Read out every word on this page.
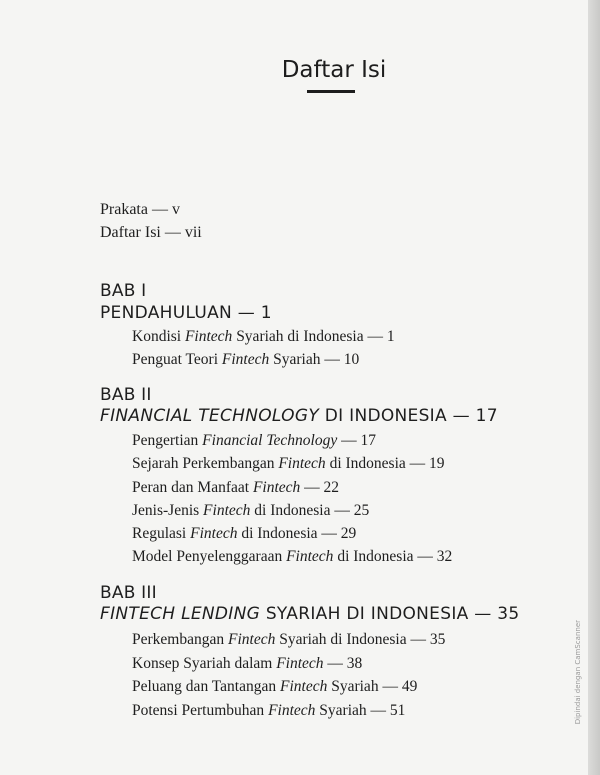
Daftar Isi
Prakata — v
Daftar Isi — vii
BAB I
PENDAHULUAN — 1
Kondisi Fintech Syariah di Indonesia — 1
Penguat Teori Fintech Syariah — 10
BAB II
FINANCIAL TECHNOLOGY DI INDONESIA — 17
Pengertian Financial Technology — 17
Sejarah Perkembangan Fintech di Indonesia — 19
Peran dan Manfaat Fintech — 22
Jenis-Jenis Fintech di Indonesia — 25
Regulasi Fintech di Indonesia — 29
Model Penyelenggaraan Fintech di Indonesia — 32
BAB III
FINTECH LENDING SYARIAH DI INDONESIA — 35
Perkembangan Fintech Syariah di Indonesia — 35
Konsep Syariah dalam Fintech — 38
Peluang dan Tantangan Fintech Syariah — 49
Potensi Pertumbuhan Fintech Syariah — 51	Dipindai dengan CamScanner
